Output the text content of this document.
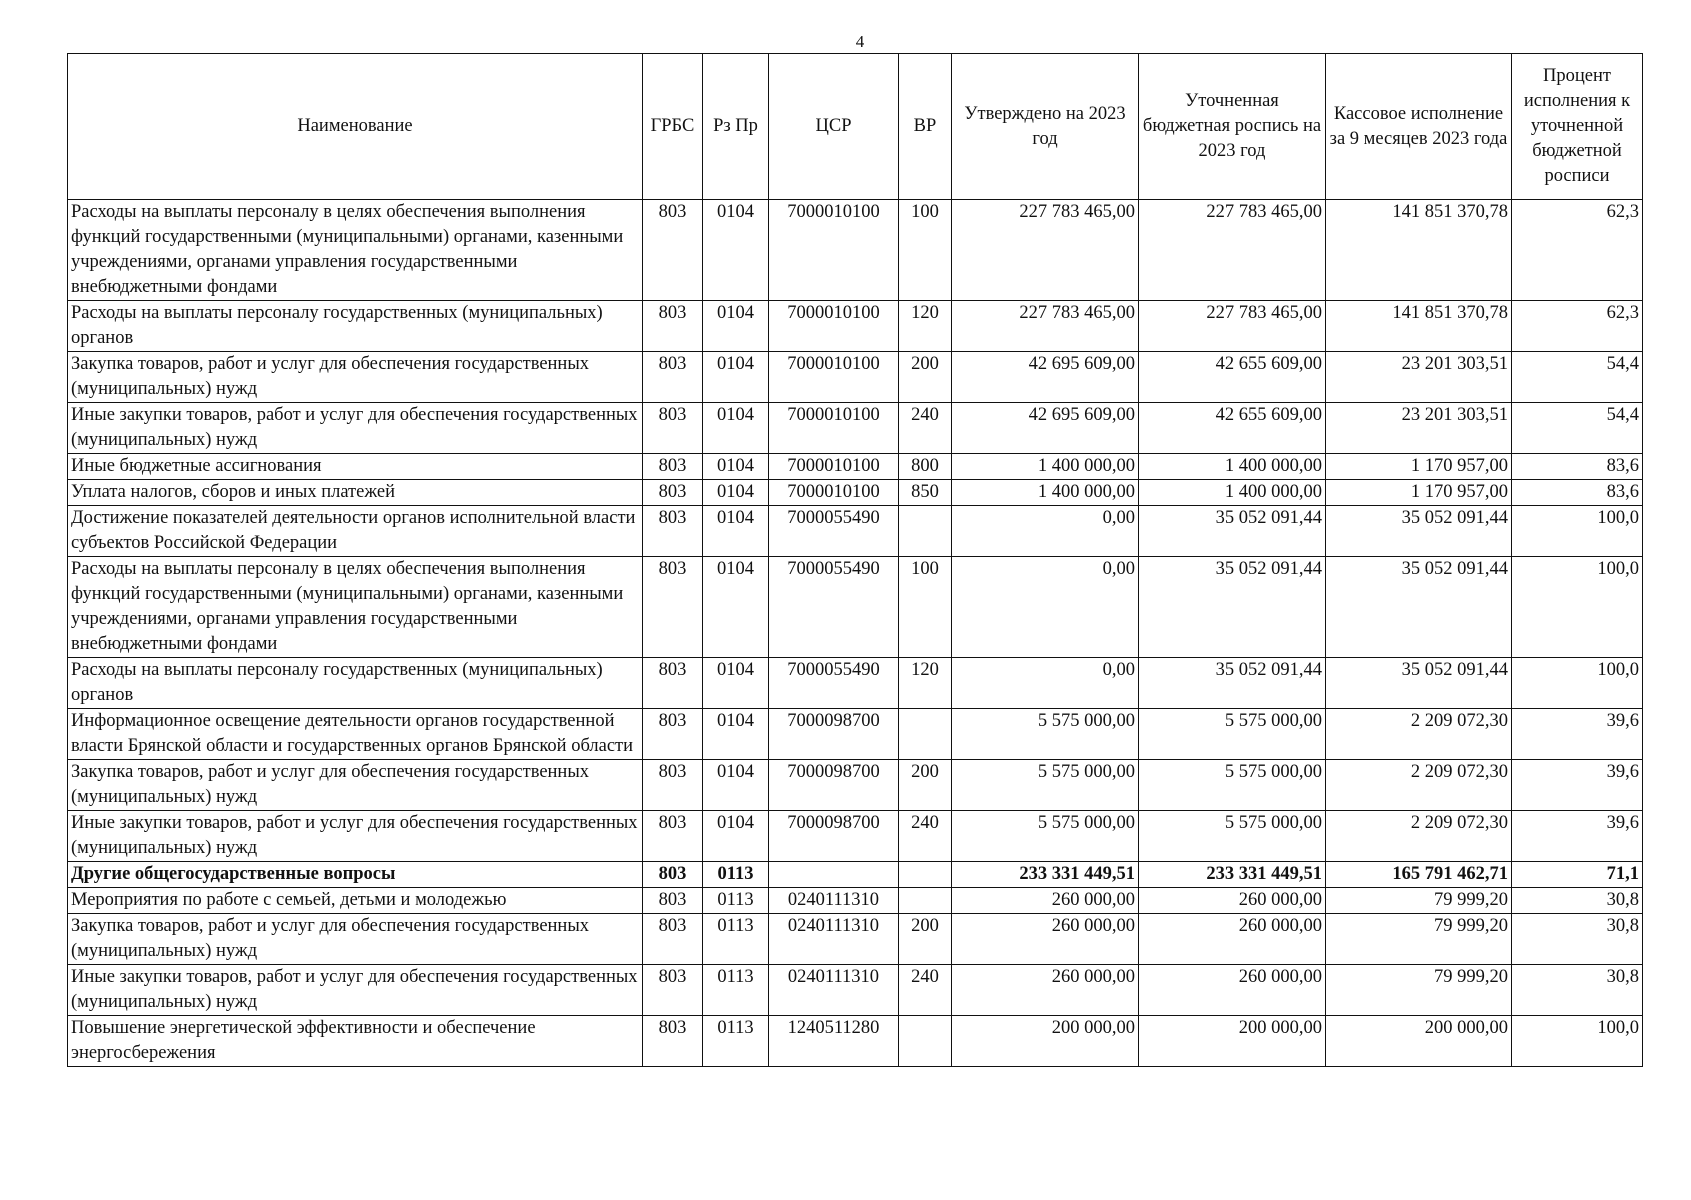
4
Наименование	ГРБС	Рз Пр	ЦСР	ВР	Утверждено на 2023 год	Уточненная бюджетная роспись на 2023 год	Кассовое исполнение за 9 месяцев 2023 года	Процент исполнения к уточненной бюджетной росписи
Расходы на выплаты персоналу в целях обеспечения выполнения функций государственными (муниципальными) органами, казенными учреждениями, органами управления государственными внебюджетными фондами	803	0104	7000010100	100	227 783 465,00	227 783 465,00	141 851 370,78	62,3
Расходы на выплаты персоналу государственных (муниципальных) органов	803	0104	7000010100	120	227 783 465,00	227 783 465,00	141 851 370,78	62,3
Закупка товаров, работ и услуг для обеспечения государственных (муниципальных) нужд	803	0104	7000010100	200	42 695 609,00	42 655 609,00	23 201 303,51	54,4
Иные закупки товаров, работ и услуг для обеспечения государственных (муниципальных) нужд	803	0104	7000010100	240	42 695 609,00	42 655 609,00	23 201 303,51	54,4
Иные бюджетные ассигнования	803	0104	7000010100	800	1 400 000,00	1 400 000,00	1 170 957,00	83,6
Уплата налогов, сборов и иных платежей	803	0104	7000010100	850	1 400 000,00	1 400 000,00	1 170 957,00	83,6
Достижение показателей деятельности органов исполнительной власти субъектов Российской Федерации	803	0104	7000055490		0,00	35 052 091,44	35 052 091,44	100,0
Расходы на выплаты персоналу в целях обеспечения выполнения функций государственными (муниципальными) органами, казенными учреждениями, органами управления государственными внебюджетными фондами	803	0104	7000055490	100	0,00	35 052 091,44	35 052 091,44	100,0
Расходы на выплаты персоналу государственных (муниципальных) органов	803	0104	7000055490	120	0,00	35 052 091,44	35 052 091,44	100,0
Информационное освещение деятельности органов государственной власти Брянской области и государственных органов Брянской области	803	0104	7000098700		5 575 000,00	5 575 000,00	2 209 072,30	39,6
Закупка товаров, работ и услуг для обеспечения государственных (муниципальных) нужд	803	0104	7000098700	200	5 575 000,00	5 575 000,00	2 209 072,30	39,6
Иные закупки товаров, работ и услуг для обеспечения государственных (муниципальных) нужд	803	0104	7000098700	240	5 575 000,00	5 575 000,00	2 209 072,30	39,6
Другие общегосударственные вопросы	803	0113			233 331 449,51	233 331 449,51	165 791 462,71	71,1
Мероприятия по работе с семьей, детьми и молодежью	803	0113	0240111310		260 000,00	260 000,00	79 999,20	30,8
Закупка товаров, работ и услуг для обеспечения государственных (муниципальных) нужд	803	0113	0240111310	200	260 000,00	260 000,00	79 999,20	30,8
Иные закупки товаров, работ и услуг для обеспечения государственных (муниципальных) нужд	803	0113	0240111310	240	260 000,00	260 000,00	79 999,20	30,8
Повышение энергетической эффективности и обеспечение энергосбережения	803	0113	1240511280		200 000,00	200 000,00	200 000,00	100,0
